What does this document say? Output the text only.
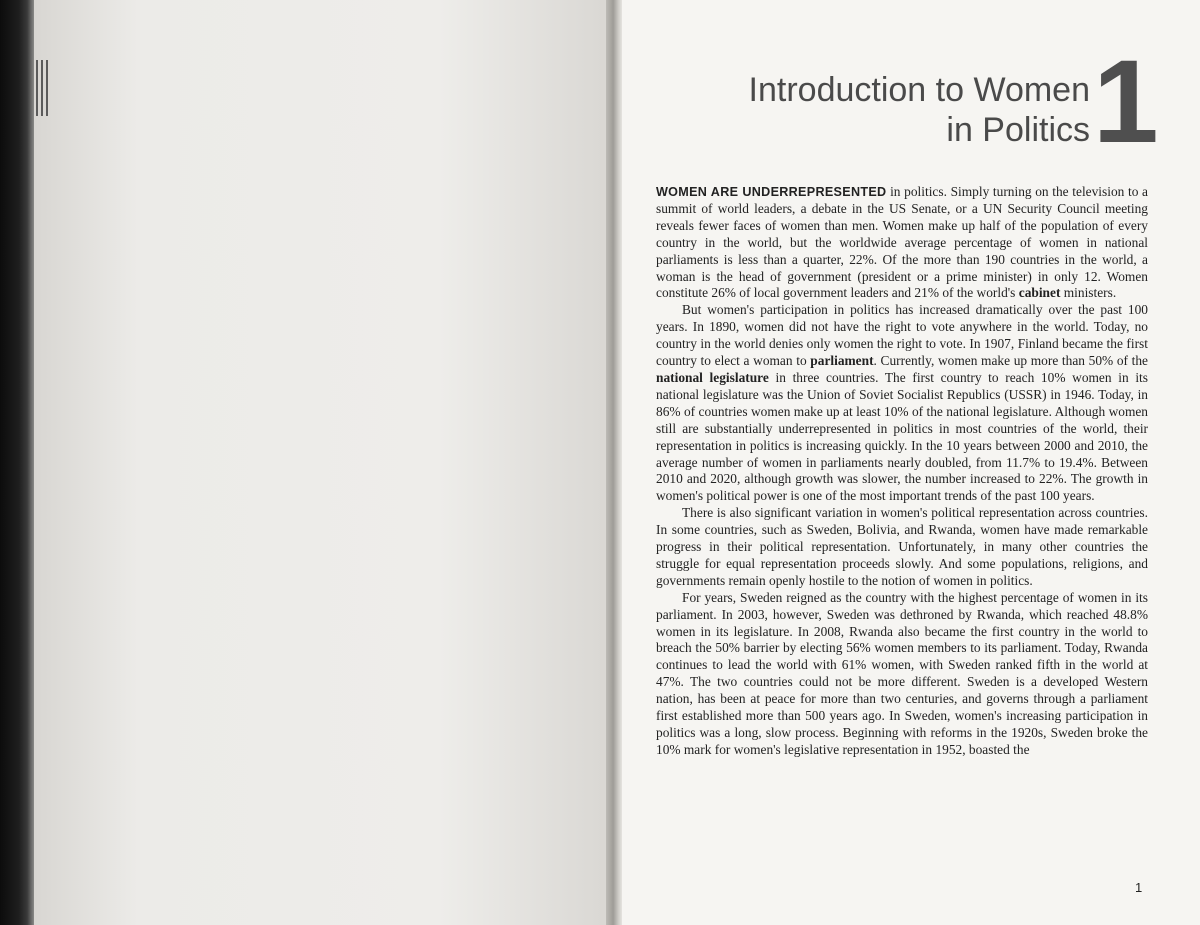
Introduction to Women
in Politics 1

WOMEN ARE UNDERREPRESENTED in politics. Simply turning on the television to a summit of world leaders, a debate in the US Senate, or a UN Security Council meeting reveals fewer faces of women than men. Women make up half of the population of every country in the world, but the worldwide average percentage of women in national parliaments is less than a quarter, 22%. Of the more than 190 countries in the world, a woman is the head of government (president or a prime minister) in only 12. Women constitute 26% of local government leaders and 21% of the world's cabinet ministers.

But women's participation in politics has increased dramatically over the past 100 years. In 1890, women did not have the right to vote anywhere in the world. Today, no country in the world denies only women the right to vote. In 1907, Finland became the first country to elect a woman to parliament. Currently, women make up more than 50% of the national legislature in three countries. The first country to reach 10% women in its national legislature was the Union of Soviet Socialist Republics (USSR) in 1946. Today, in 86% of countries women make up at least 10% of the national legislature. Although women still are substantially underrepresented in politics in most countries of the world, their representation in politics is increasing quickly. In the 10 years between 2000 and 2010, the average number of women in parliaments nearly doubled, from 11.7% to 19.4%. Between 2010 and 2020, although growth was slower, the number increased to 22%. The growth in women's political power is one of the most important trends of the past 100 years.

There is also significant variation in women's political representation across countries. In some countries, such as Sweden, Bolivia, and Rwanda, women have made remarkable progress in their political representation. Unfortunately, in many other countries the struggle for equal representation proceeds slowly. And some populations, religions, and governments remain openly hostile to the notion of women in politics.

For years, Sweden reigned as the country with the highest percentage of women in its parliament. In 2003, however, Sweden was dethroned by Rwanda, which reached 48.8% women in its legislature. In 2008, Rwanda also became the first country in the world to breach the 50% barrier by electing 56% women members to its parliament. Today, Rwanda continues to lead the world with 61% women, with Sweden ranked fifth in the world at 47%. The two countries could not be more different. Sweden is a developed Western nation, has been at peace for more than two centuries, and governs through a parliament first established more than 500 years ago. In Sweden, women's increasing participation in politics was a long, slow process. Beginning with reforms in the 1920s, Sweden broke the 10% mark for women's legislative representation in 1952, boasted the

1
